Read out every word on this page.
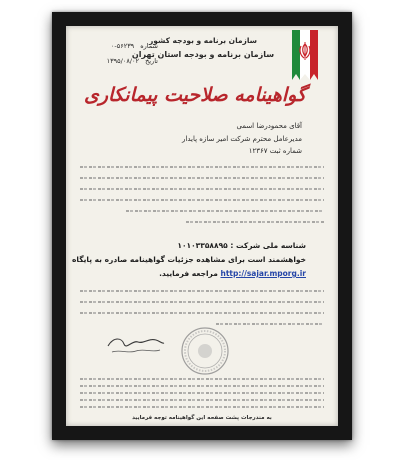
سازمان برنامه و بودجه کشور
سازمان برنامه و بودجه استان تهران
شماره ۵۶۲۳۹-۰
تاریخ ۱۳۹۵/۰۸/۰۲
گواهینامه صلاحیت پیمانکاری
آقای محمودرضا اسمی
مدیرعامل محترم شرکت امیر سازه پایدار
شماره ثبت ۱۲۳۶۷
شناسه ملی شرکت : ۱۰۱۰۳۳۵۸۸۹۵
خواهشمند است برای مشاهده جزئیات گواهینامه صادره به پایگاه
http://sajar.mporg.ir مراجعه فرمایید.
به مندرجات پشت صفحه این گواهینامه توجه فرمایید
